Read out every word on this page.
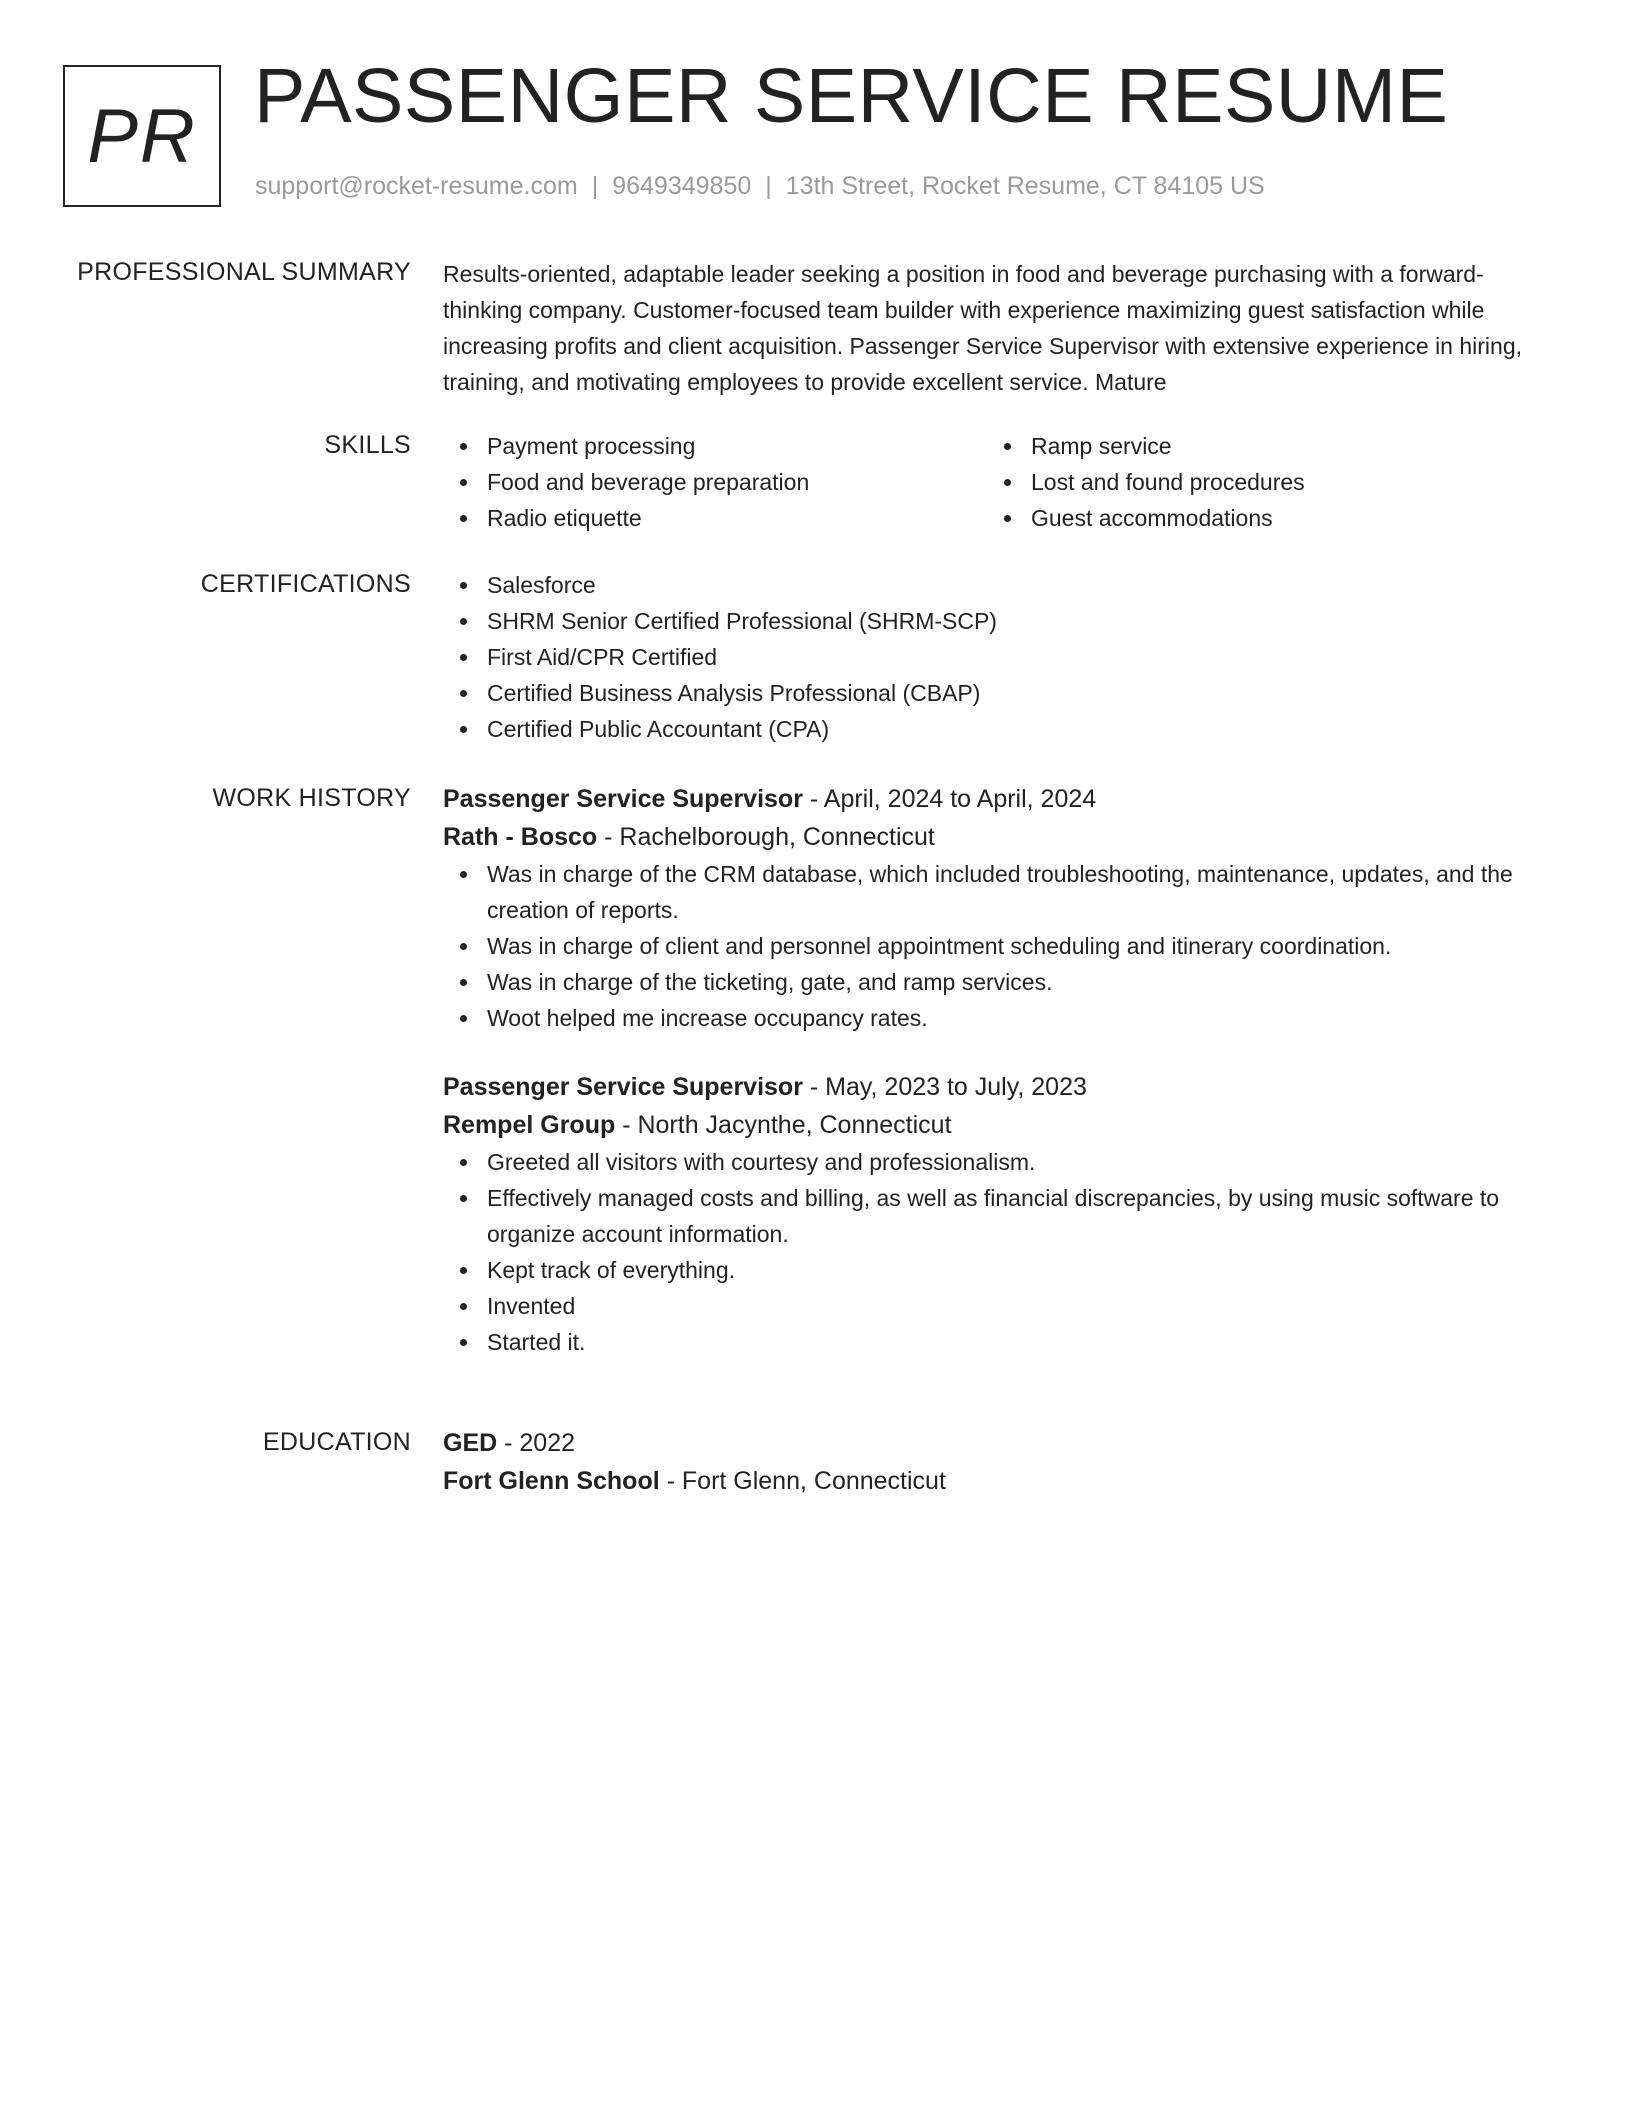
PR PASSENGER SERVICE RESUME
support@rocket-resume.com | 9649349850 | 13th Street, Rocket Resume, CT 84105 US
PROFESSIONAL SUMMARY Results-oriented, adaptable leader seeking a position in food and beverage purchasing with a forward-thinking company. Customer-focused team builder with experience maximizing guest satisfaction while increasing profits and client acquisition. Passenger Service Supervisor with extensive experience in hiring, training, and motivating employees to provide excellent service. Mature

SKILLS	Payment processing
Food and beverage preparation
Radio etiquette
Ramp service
Lost and found procedures
Guest accommodations
CERTIFICATIONS	Salesforce
SHRM Senior Certified Professional (SHRM-SCP)
First Aid/CPR Certified
Certified Business Analysis Professional (CBAP)
Certified Public Accountant (CPA)
WORK HISTORY Passenger Service Supervisor - April, 2024 to April, 2024
Rath - Bosco - Rachelborough, Connecticut
Was in charge of the CRM database, which included troubleshooting, maintenance, updates, and the creation of reports.
Was in charge of client and personnel appointment scheduling and itinerary coordination.
Was in charge of the ticketing, gate, and ramp services.
Woot helped me increase occupancy rates.
Passenger Service Supervisor - May, 2023 to July, 2023
Rempel Group - North Jacynthe, Connecticut
Greeted all visitors with courtesy and professionalism.
Effectively managed costs and billing, as well as financial discrepancies, by using music software to organize account information.
Kept track of everything.
Invented
Started it.
EDUCATION GED - 2022
Fort Glenn School - Fort Glenn, Connecticut
